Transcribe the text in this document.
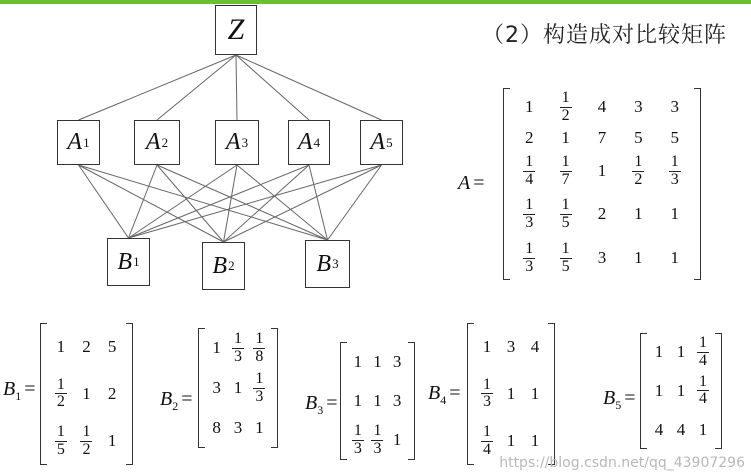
（2）构造成对比较矩阵
Z
A 1 A 2 A 3 A 4 A 5
B 1	B 2	B 3
A =
$1 \frac{1}{2} 4$ 3 3
2 1 7 5 5
$\frac{1}{4} \frac{1}{7} 1 \frac{1}{2} \frac{1}{3}$
$\frac{1}{3} \frac{1}{5} 2$ 1 1
$\frac{1}{3} \frac{1}{5} 3$ 1 1
$B_1$ =
1 2 5
$\frac{1}{2} 1$ 2
$\frac{1}{5} \frac{1}{2} 1$
$B_2$ =
$1 \frac{1}{3} \frac{1}{8}$
3 $1 \frac{1}{3}$
8 3 1
$B_3$ =
1 1 3
1 1 3
$\frac{1}{3} \frac{1}{3} 1$
$B_4$ =
1 3 4
$\frac{1}{3} 1$ 1
$\frac{1}{4} 1$ 1
$B_5$ =
1 $1 \frac{1}{4}$
1 $1 \frac{1}{4}$
4 4 1
https://blog.csdn.net/qq_43907296
